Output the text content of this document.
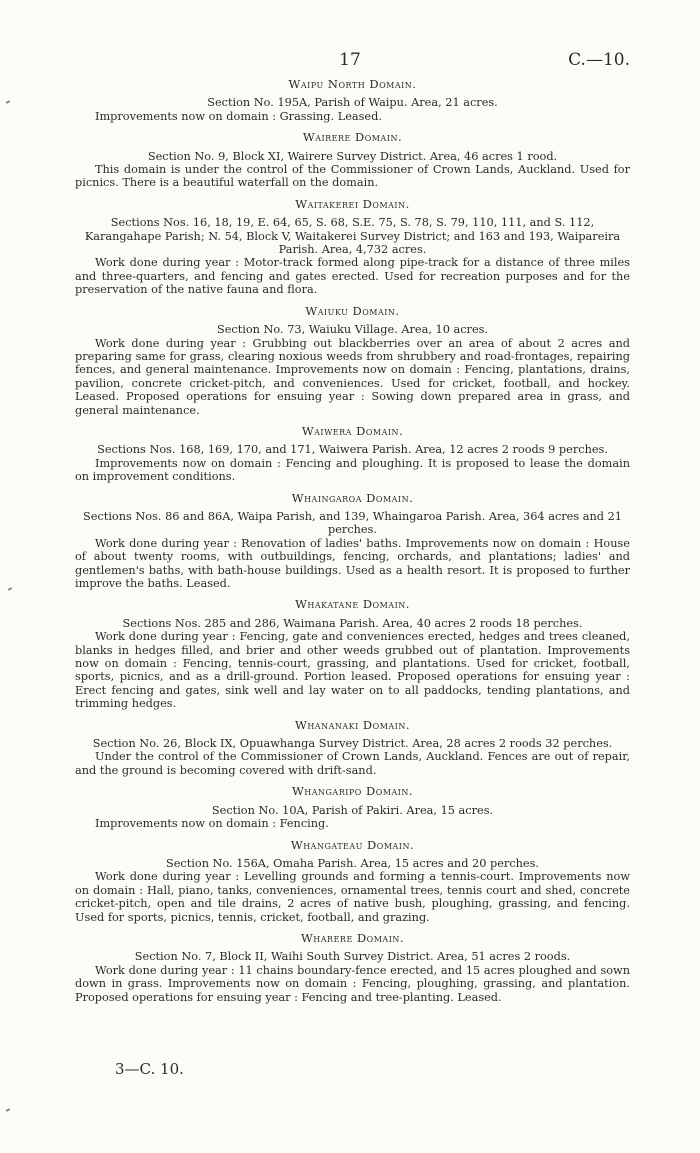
17	C.—10.
Waipu North Domain.
Section No. 195A, Parish of Waipu. Area, 21 acres.
Improvements now on domain : Grassing. Leased.
Wairere Domain.
Section No. 9, Block XI, Wairere Survey District. Area, 46 acres 1 rood.
This domain is under the control of the Commissioner of Crown Lands, Auckland. Used for picnics. There is a beautiful waterfall on the domain.
Waitakerei Domain.
Sections Nos. 16, 18, 19, E. 64, 65, S. 68, S.E. 75, S. 78, S. 79, 110, 111, and S. 112, Karangahape Parish; N. 54, Block V, Waitakerei Survey District; and 163 and 193, Waipareira Parish. Area, 4,732 acres.
Work done during year : Motor-track formed along pipe-track for a distance of three miles and three-quarters, and fencing and gates erected. Used for recreation purposes and for the preservation of the native fauna and flora.
Waiuku Domain.
Section No. 73, Waiuku Village. Area, 10 acres.
Work done during year : Grubbing out blackberries over an area of about 2 acres and preparing same for grass, clearing noxious weeds from shrubbery and road-frontages, repairing fences, and general maintenance. Improvements now on domain : Fencing, plantations, drains, pavilion, concrete cricket-pitch, and conveniences. Used for cricket, football, and hockey. Leased. Proposed operations for ensuing year : Sowing down prepared area in grass, and general maintenance.
Waiwera Domain.
Sections Nos. 168, 169, 170, and 171, Waiwera Parish. Area, 12 acres 2 roods 9 perches.
Improvements now on domain : Fencing and ploughing. It is proposed to lease the domain on improvement conditions.
Whaingaroa Domain.
Sections Nos. 86 and 86A, Waipa Parish, and 139, Whaingaroa Parish. Area, 364 acres and 21 perches.
Work done during year : Renovation of ladies' baths. Improvements now on domain : House of about twenty rooms, with outbuildings, fencing, orchards, and plantations; ladies' and gentlemen's baths, with bath-house buildings. Used as a health resort. It is proposed to further improve the baths. Leased.
Whakatane Domain.
Sections Nos. 285 and 286, Waimana Parish. Area, 40 acres 2 roods 18 perches.
Work done during year : Fencing, gate and conveniences erected, hedges and trees cleaned, blanks in hedges filled, and brier and other weeds grubbed out of plantation. Improvements now on domain : Fencing, tennis-court, grassing, and plantations. Used for cricket, football, sports, picnics, and as a drill-ground. Portion leased. Proposed operations for ensuing year : Erect fencing and gates, sink well and lay water on to all paddocks, tending plantations, and trimming hedges.
Whananaki Domain.
Section No. 26, Block IX, Opuawhanga Survey District. Area, 28 acres 2 roods 32 perches.
Under the control of the Commissioner of Crown Lands, Auckland. Fences are out of repair, and the ground is becoming covered with drift-sand.
Whangaripo Domain.
Section No. 10A, Parish of Pakiri. Area, 15 acres.
Improvements now on domain : Fencing.
Whangateau Domain.
Section No. 156A, Omaha Parish. Area, 15 acres and 20 perches.
Work done during year : Levelling grounds and forming a tennis-court. Improvements now on domain : Hall, piano, tanks, conveniences, ornamental trees, tennis court and shed, concrete cricket-pitch, open and tile drains, 2 acres of native bush, ploughing, grassing, and fencing. Used for sports, picnics, tennis, cricket, football, and grazing.
Wharere Domain.
Section No. 7, Block II, Waihi South Survey District. Area, 51 acres 2 roods.
Work done during year : 11 chains boundary-fence erected, and 15 acres ploughed and sown down in grass. Improvements now on domain : Fencing, ploughing, grassing, and plantation. Proposed operations for ensuing year : Fencing and tree-planting. Leased.
3—C. 10.
